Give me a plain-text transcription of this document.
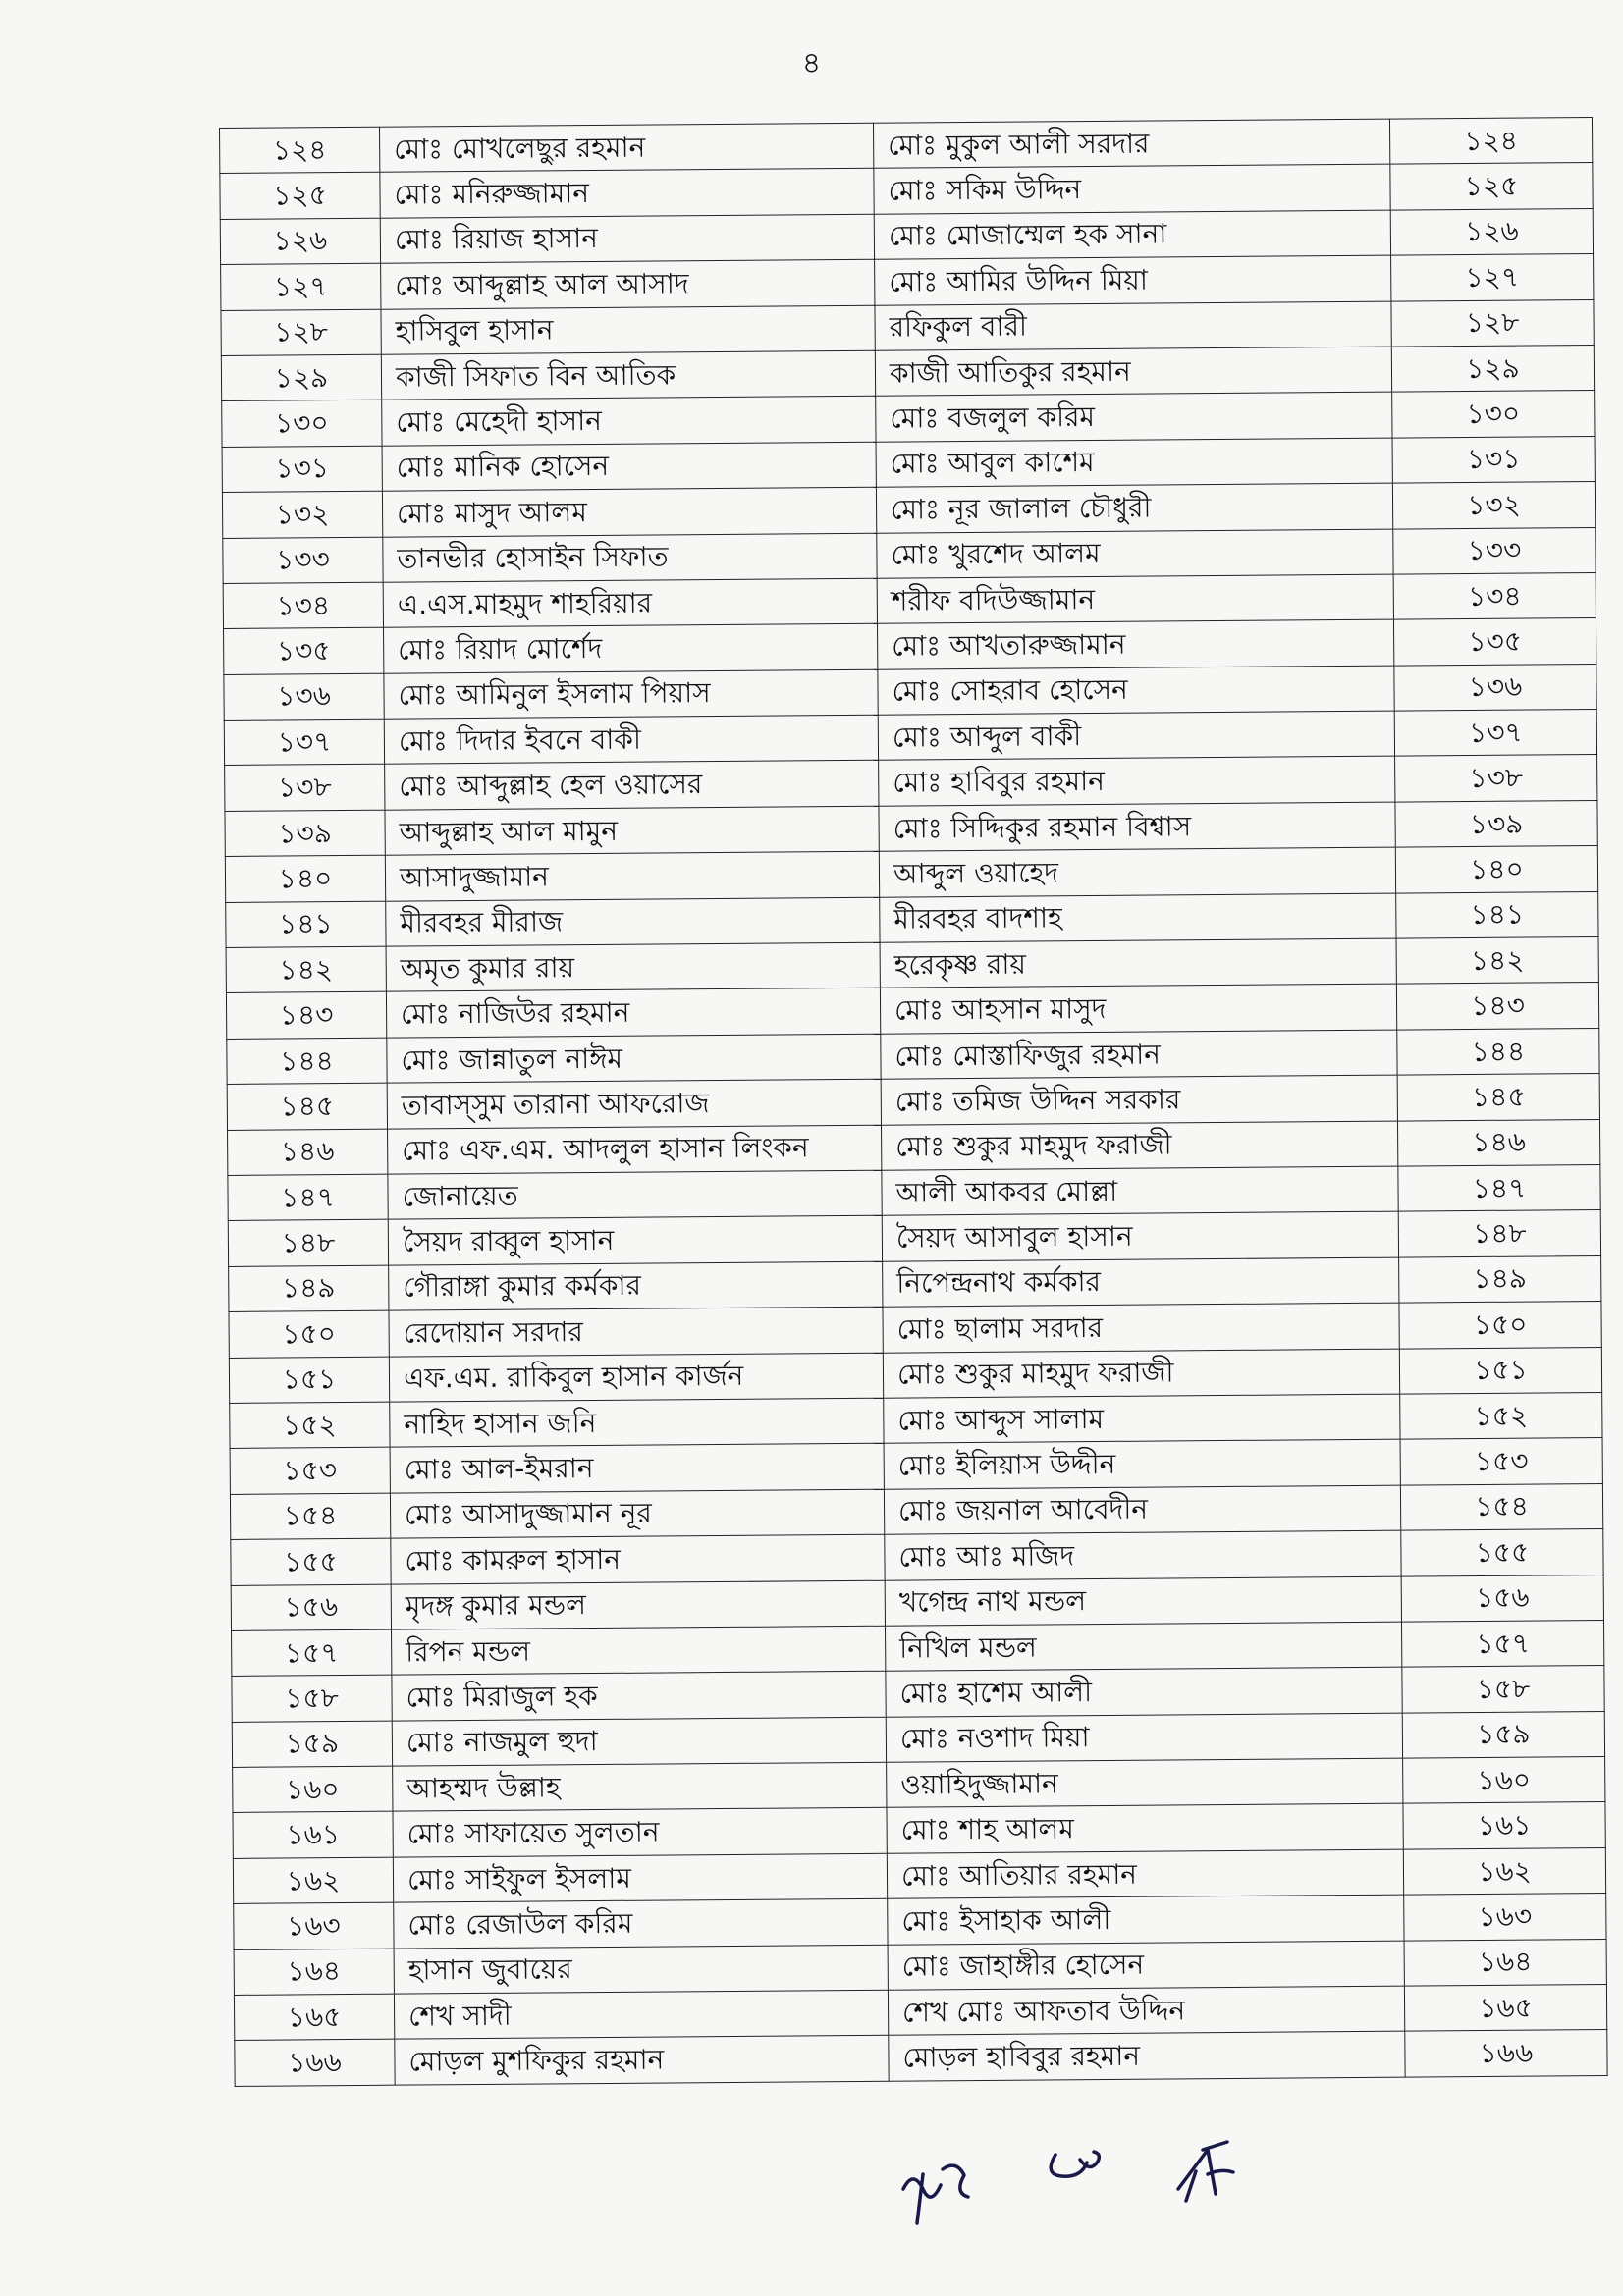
৪
১২৪	মোঃ মোখলেছুর রহমান	মোঃ মুকুল আলী সরদার	১২৪
১২৫	মোঃ মনিরুজ্জামান	মোঃ সকিম উদ্দিন	১২৫
১২৬	মোঃ রিয়াজ হাসান	মোঃ মোজাম্মেল হক সানা	১২৬
১২৭	মোঃ আব্দুল্লাহ আল আসাদ	মোঃ আমির উদ্দিন মিয়া	১২৭
১২৮	হাসিবুল হাসান	রফিকুল বারী	১২৮
১২৯	কাজী সিফাত বিন আতিক	কাজী আতিকুর রহমান	১২৯
১৩০	মোঃ মেহেদী হাসান	মোঃ বজলুল করিম	১৩০
১৩১	মোঃ মানিক হোসেন	মোঃ আবুল কাশেম	১৩১
১৩২	মোঃ মাসুদ আলম	মোঃ নূর জালাল চৌধুরী	১৩২
১৩৩	তানভীর হোসাইন সিফাত	মোঃ খুরশেদ আলম	১৩৩
১৩৪	এ.এস.মাহমুদ শাহরিয়ার	শরীফ বদিউজ্জামান	১৩৪
১৩৫	মোঃ রিয়াদ মোর্শেদ	মোঃ আখতারুজ্জামান	১৩৫
১৩৬	মোঃ আমিনুল ইসলাম পিয়াস	মোঃ সোহরাব হোসেন	১৩৬
১৩৭	মোঃ দিদার ইবনে বাকী	মোঃ আব্দুল বাকী	১৩৭
১৩৮	মোঃ আব্দুল্লাহ হেল ওয়াসের	মোঃ হাবিবুর রহমান	১৩৮
১৩৯	আব্দুল্লাহ আল মামুন	মোঃ সিদ্দিকুর রহমান বিশ্বাস	১৩৯
১৪০	আসাদুজ্জামান	আব্দুল ওয়াহেদ	১৪০
১৪১	মীরবহর মীরাজ	মীরবহর বাদশাহ	১৪১
১৪২	অমৃত কুমার রায়	হরেকৃষ্ণ রায়	১৪২
১৪৩	মোঃ নাজিউর রহমান	মোঃ আহসান মাসুদ	১৪৩
১৪৪	মোঃ জান্নাতুল নাঈম	মোঃ মোস্তাফিজুর রহমান	১৪৪
১৪৫	তাবাস্সুম তারানা আফরোজ	মোঃ তমিজ উদ্দিন সরকার	১৪৫
১৪৬	মোঃ এফ.এম. আদলুল হাসান লিংকন	মোঃ শুকুর মাহমুদ ফরাজী	১৪৬
১৪৭	জোনায়েত	আলী আকবর মোল্লা	১৪৭
১৪৮	সৈয়দ রাব্বুল হাসান	সৈয়দ আসাবুল হাসান	১৪৮
১৪৯	গৌরাঙ্গা কুমার কর্মকার	নিপেন্দ্রনাথ কর্মকার	১৪৯
১৫০	রেদোয়ান সরদার	মোঃ ছালাম সরদার	১৫০
১৫১	এফ.এম. রাকিবুল হাসান কার্জন	মোঃ শুকুর মাহমুদ ফরাজী	১৫১
১৫২	নাহিদ হাসান জনি	মোঃ আব্দুস সালাম	১৫২
১৫৩	মোঃ আল-ইমরান	মোঃ ইলিয়াস উদ্দীন	১৫৩
১৫৪	মোঃ আসাদুজ্জামান নূর	মোঃ জয়নাল আবেদীন	১৫৪
১৫৫	মোঃ কামরুল হাসান	মোঃ আঃ মজিদ	১৫৫
১৫৬	মৃদঙ্গ কুমার মন্ডল	খগেন্দ্র নাথ মন্ডল	১৫৬
১৫৭	রিপন মন্ডল	নিখিল মন্ডল	১৫৭
১৫৮	মোঃ মিরাজুল হক	মোঃ হাশেম আলী	১৫৮
১৫৯	মোঃ নাজমুল হুদা	মোঃ নওশাদ মিয়া	১৫৯
১৬০	আহম্মদ উল্লাহ	ওয়াহিদুজ্জামান	১৬০
১৬১	মোঃ সাফায়েত সুলতান	মোঃ শাহ আলম	১৬১
১৬২	মোঃ সাইফুল ইসলাম	মোঃ আতিয়ার রহমান	১৬২
১৬৩	মোঃ রেজাউল করিম	মোঃ ইসাহাক আলী	১৬৩
১৬৪	হাসান জুবায়ের	মোঃ জাহাঙ্গীর হোসেন	১৬৪
১৬৫	শেখ সাদী	শেখ মোঃ আফতাব উদ্দিন	১৬৫
১৬৬	মোড়ল মুশফিকুর রহমান	মোড়ল হাবিবুর রহমান	১৬৬
